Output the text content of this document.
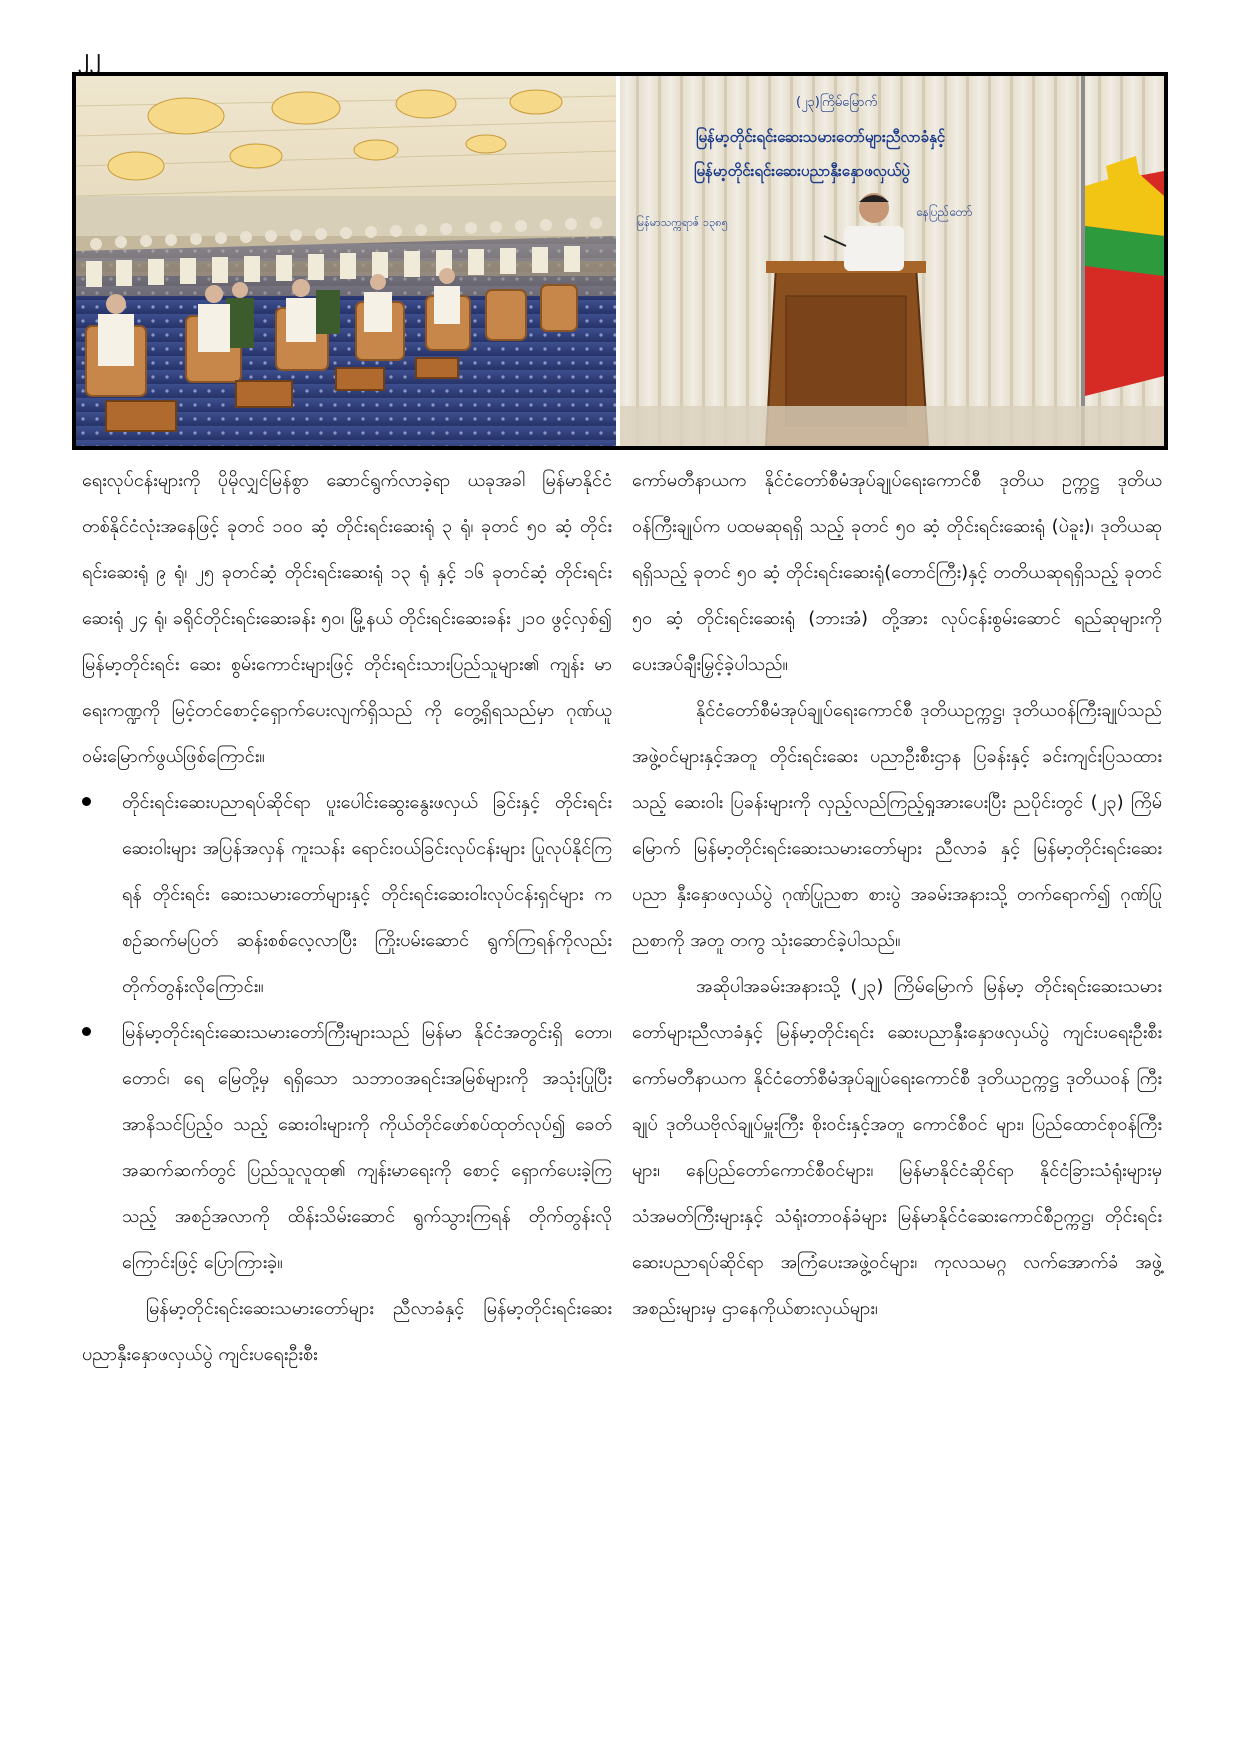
၂၂
(၂၃)ကြိမ်မြောက်
မြန်မာ့တိုင်းရင်းဆေးသမားတော်များညီလာခံနှင့်
မြန်မာ့တိုင်းရင်းဆေးပညာနှီးနှောဖလှယ်ပွဲ
မြန်မာသက္ကရာဇ် ၁၃၈၅
နေပြည်တော်

ရေးလုပ်ငန်းများကို ပိုမိုလျှင်မြန်စွာ ဆောင်ရွက်လာခဲ့ရာ ယခုအခါ မြန်မာနိုင်ငံတစ်နိုင်ငံလုံးအနေဖြင့် ခုတင် ၁၀၀ ဆံ့ တိုင်းရင်းဆေးရုံ ၃ ရုံ၊ ခုတင် ၅၀ ဆံ့ တိုင်းရင်းဆေးရုံ ၉ ရုံ၊ ၂၅ ခုတင်ဆံ့ တိုင်းရင်းဆေးရုံ ၁၃ ရုံ နှင့် ၁၆ ခုတင်ဆံ့ တိုင်းရင်းဆေးရုံ ၂၄ ရုံ၊ ခရိုင်တိုင်းရင်းဆေးခန်း ၅၀၊ မြို့နယ် တိုင်းရင်းဆေးခန်း ၂၁၀ ဖွင့်လှစ်၍ မြန်မာ့တိုင်းရင်း ဆေး စွမ်းကောင်းများဖြင့် တိုင်းရင်းသားပြည်သူများ၏ ကျန်း မာရေးကဏ္ဍကို မြင့်တင်စောင့်ရှောက်ပေးလျက်ရှိသည် ကို တွေ့ရှိရသည်မှာ ဂုဏ်ယူဝမ်းမြောက်ဖွယ်ဖြစ်ကြောင်း။

တိုင်းရင်းဆေးပညာရပ်ဆိုင်ရာ ပူးပေါင်းဆွေးနွေးဖလှယ် ခြင်းနှင့် တိုင်းရင်းဆေးဝါးများ အပြန်အလှန် ကူးသန်း ရောင်းဝယ်ခြင်းလုပ်ငန်းများ ပြုလုပ်နိုင်ကြရန် တိုင်းရင်း ဆေးသမားတော်များနှင့် တိုင်းရင်းဆေးဝါးလုပ်ငန်းရှင်များ က စဉ်ဆက်မပြတ် ဆန်းစစ်လေ့လာပြီး ကြိုးပမ်းဆောင် ရွက်ကြရန်ကိုလည်း တိုက်တွန်းလိုကြောင်း။

မြန်မာ့တိုင်းရင်းဆေးသမားတော်ကြီးများသည် မြန်မာ နိုင်ငံအတွင်းရှိ တော၊ တောင်၊ ရေ မြေတို့မှ ရရှိသော သဘာဝအရင်းအမြစ်များကို အသုံးပြုပြီး အာနိသင်ပြည့်ဝ သည့် ဆေးဝါးများကို ကိုယ်တိုင်ဖော်စပ်ထုတ်လုပ်၍ ခေတ် အဆက်ဆက်တွင် ပြည်သူလူထု၏ ကျန်းမာရေးကို စောင့် ရှောက်ပေးခဲ့ကြသည့် အစဉ်အလာကို ထိန်းသိမ်းဆောင် ရွက်သွားကြရန် တိုက်တွန်းလိုကြောင်းဖြင့် ပြောကြားခဲ့။

မြန်မာ့တိုင်းရင်းဆေးသမားတော်များ ညီလာခံနှင့် မြန်မာ့တိုင်းရင်းဆေးပညာနှီးနှောဖလှယ်ပွဲ ကျင်းပရေးဦးစီး

ကော်မတီနာယက နိုင်ငံတော်စီမံအုပ်ချုပ်ရေးကောင်စီ ဒုတိယ ဥက္ကဋ္ဌ ဒုတိယဝန်ကြီးချုပ်က ပထမဆုရရှိ သည့် ခုတင် ၅၀ ဆံ့ တိုင်းရင်းဆေးရုံ (ပဲခူး)၊ ဒုတိယဆုရရှိသည့် ခုတင် ၅၀ ဆံ့ တိုင်းရင်းဆေးရုံ(တောင်ကြီး)နှင့် တတိယဆုရရှိသည့် ခုတင် ၅၀ ဆံ့ တိုင်းရင်းဆေးရုံ (ဘားအံ) တို့အား လုပ်ငန်းစွမ်းဆောင် ရည်ဆုများကို ပေးအပ်ချီးမြှင့်ခဲ့ပါသည်။

နိုင်ငံတော်စီမံအုပ်ချုပ်ရေးကောင်စီ ဒုတိယဥက္ကဋ္ဌ၊ ဒုတိယဝန်ကြီးချုပ်သည် အဖွဲ့ဝင်များနှင့်အတူ တိုင်းရင်းဆေး ပညာဦးစီးဌာန ပြခန်းနှင့် ခင်းကျင်းပြသထားသည့် ဆေးဝါး ပြခန်းများကို လှည့်လည်ကြည့်ရှုအားပေးပြီး ညပိုင်းတွင် (၂၃) ကြိမ်မြောက် မြန်မာ့တိုင်းရင်းဆေးသမားတော်များ ညီလာခံ နှင့် မြန်မာ့တိုင်းရင်းဆေးပညာ နှီးနှောဖလှယ်ပွဲ ဂုဏ်ပြုညစာ စားပွဲ အခမ်းအနားသို့ တက်ရောက်၍ ဂုဏ်ပြုညစာကို အတူ တကွ သုံးဆောင်ခဲ့ပါသည်။

အဆိုပါအခမ်းအနားသို့ (၂၃) ကြိမ်မြောက် မြန်မာ့ တိုင်းရင်းဆေးသမားတော်များညီလာခံနှင့် မြန်မာ့တိုင်းရင်း ဆေးပညာနှီးနှောဖလှယ်ပွဲ ကျင်းပရေးဦးစီးကော်မတီနာယက နိုင်ငံတော်စီမံအုပ်ချုပ်ရေးကောင်စီ ဒုတိယဥက္ကဋ္ဌ ဒုတိယဝန် ကြီးချုပ် ဒုတိယဗိုလ်ချုပ်မှူးကြီး စိုးဝင်းနှင့်အတူ ကောင်စီဝင် များ၊ ပြည်ထောင်စုဝန်ကြီးများ၊ နေပြည်တော်ကောင်စီဝင်များ၊ မြန်မာနိုင်ငံဆိုင်ရာ နိုင်ငံခြားသံရုံးများမှ သံအမတ်ကြီးများနှင့် သံရုံးတာဝန်ခံများ မြန်မာနိုင်ငံဆေးကောင်စီဥက္ကဋ္ဌ၊ တိုင်းရင်း ဆေးပညာရပ်ဆိုင်ရာ အကြံပေးအဖွဲ့ဝင်များ၊ ကုလသမဂ္ဂ လက်အောက်ခံ အဖွဲ့အစည်းများမှ ဌာနေကိုယ်စားလှယ်များ၊
